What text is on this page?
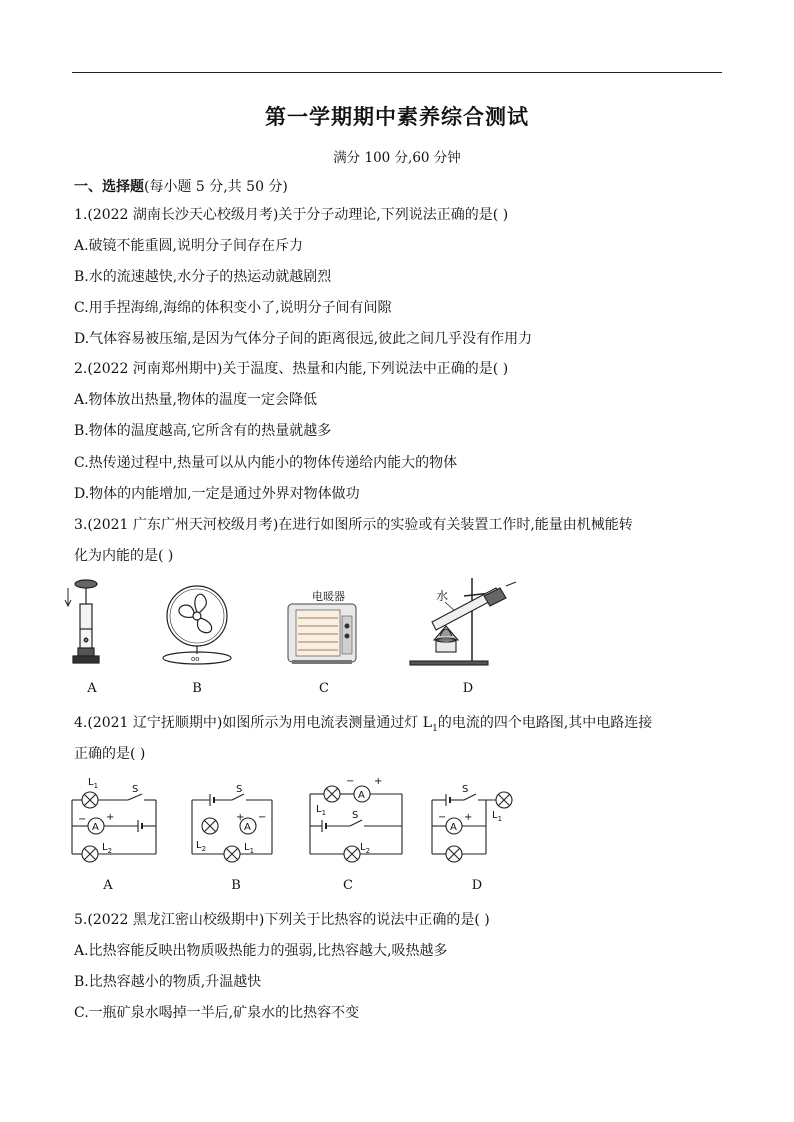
第一学期期中素养综合测试
满分 100 分,60 分钟
一、选择题(每小题 5 分,共 50 分)
1.(2022 湖南长沙天心校级月考)关于分子动理论,下列说法正确的是( )
A.破镜不能重圆,说明分子间存在斥力
B.水的流速越快,水分子的热运动就越剧烈
C.用手捏海绵,海绵的体积变小了,说明分子间有间隙
D.气体容易被压缩,是因为气体分子间的距离很远,彼此之间几乎没有作用力
2.(2022 河南郑州期中)关于温度、热量和内能,下列说法中正确的是( )
A.物体放出热量,物体的温度一定会降低
B.物体的温度越高,它所含有的热量就越多
C.热传递过程中,热量可以从内能小的物体传递给内能大的物体
D.物体的内能增加,一定是通过外界对物体做功
3.(2021 广东广州天河校级月考)在进行如图所示的实验或有关装置工作时,能量由机械能转
化为内能的是( )
ᴏᴏ
电暖器	水
A	B	C	D
4.(2021 辽宁抚顺期中)如图所示为用电流表测量通过灯 $L_1$的电流的四个电路图,其中电路连接
正确的是( )
$L_1$	S
A
− +
$L_2$
S
A
+ −
$L_2$	$L_1$
−
A
+
$L_1$	S
$L_2$
S
A
− + $L_1$
A	B	C	D
5.(2022 黑龙江密山校级期中)下列关于比热容的说法中正确的是( )
A.比热容能反映出物质吸热能力的强弱,比热容越大,吸热越多
B.比热容越小的物质,升温越快
C.一瓶矿泉水喝掉一半后,矿泉水的比热容不变
